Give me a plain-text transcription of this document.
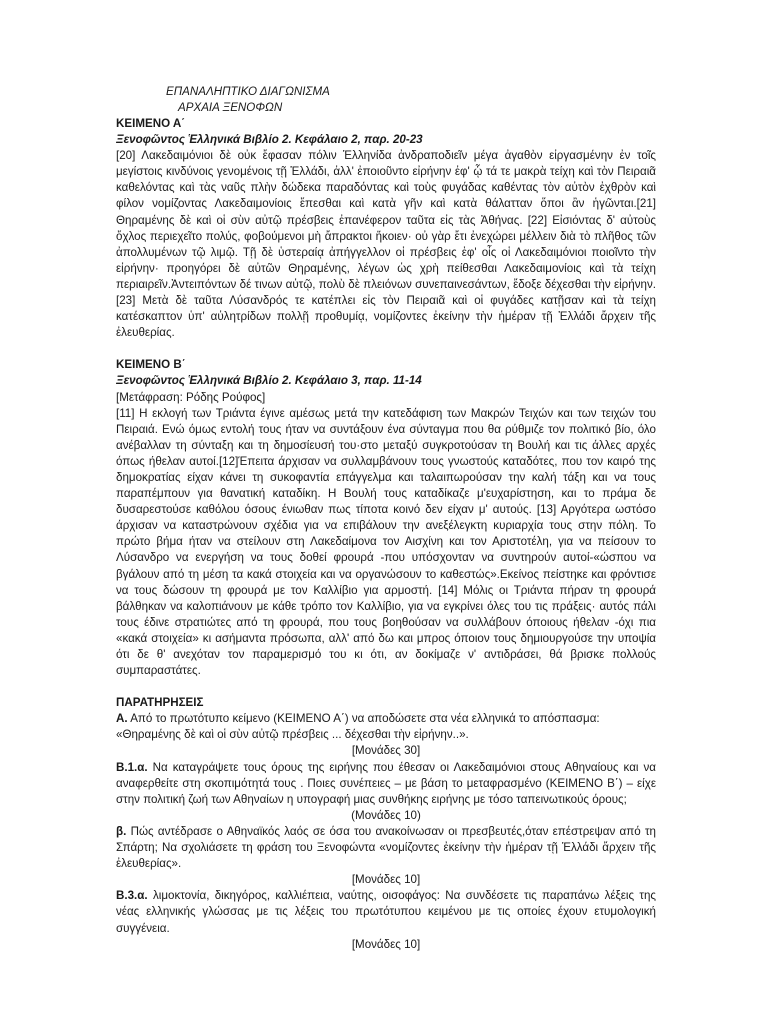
ΕΠΑΝΑΛΗΠΤΙΚΟ ΔΙΑΓΩΝΙΣΜΑ

ΑΡΧΑΙΑ ΞΕΝΟΦΩΝ

ΚΕΙΜΕΝΟ Α΄

Ξενοφῶντος Ἑλληνικά Βιβλίο 2. Κεφάλαιο 2, παρ. 20-23

[20] Λακεδαιμόνιοι δὲ οὐκ ἔφασαν πόλιν Ἑλληνίδα ἀνδραποδιεῖν μέγα ἀγαθὸν εἰργασμένην ἐν τοῖς μεγίστοις κινδύνοις γενομένοις τῇ Ἑλλάδι, ἀλλ' ἐποιοῦντο εἰρήνην ἐφ' ᾧ τά τε μακρὰ τείχη καὶ τὸν Πειραιᾶ καθελόντας καὶ τὰς ναῦς πλὴν δώδεκα παραδόντας καὶ τοὺς φυγάδας καθέντας τὸν αὐτὸν ἐχθρὸν καὶ φίλον νομίζοντας Λακεδαιμονίοις ἕπεσθαι καὶ κατὰ γῆν καὶ κατὰ θάλατταν ὅποι ἂν ἡγῶνται.[21] Θηραμένης δὲ καὶ οἱ σὺν αὐτῷ πρέσβεις ἐπανέφερον ταῦτα εἰς τὰς Ἀθήνας. [22] Εἰσιόντας δ' αὐτοὺς ὄχλος περιεχεῖτο πολύς, φοβούμενοι μὴ ἄπρακτοι ἥκοιεν· οὐ γὰρ ἔτι ἐνεχώρει μέλλειν διὰ τὸ πλῆθος τῶν ἀπολλυμένων τῷ λιμῷ. Τῇ δὲ ὑστεραίᾳ ἀπήγγελλον οἱ πρέσβεις ἐφ' οἷς οἱ Λακεδαιμόνιοι ποιοῖντο τὴν εἰρήνην· προηγόρει δὲ αὐτῶν Θηραμένης, λέγων ὡς χρὴ πείθεσθαι Λακεδαιμονίοις καὶ τὰ τείχη περιαιρεῖν.Ἀντειπόντων δέ τινων αὐτῷ, πολὺ δὲ πλειόνων συνεπαινεσάντων, ἔδοξε δέχεσθαι τὴν εἰρήνην. [23] Μετὰ δὲ ταῦτα Λύσανδρός τε κατέπλει εἰς τὸν Πειραιᾶ καὶ οἱ φυγάδες κατῇσαν καὶ τὰ τείχη κατέσκαπτον ὑπ' αὐλητρίδων πολλῇ προθυμίᾳ, νομίζοντες ἐκείνην τὴν ἡμέραν τῇ Ἑλλάδι ἄρχειν τῆς ἐλευθερίας.

ΚΕΙΜΕΝΟ Β΄

Ξενοφῶντος Ἑλληνικά Βιβλίο 2. Κεφάλαιο 3, παρ. 11-14

[Μετάφραση: Ρόδης Ρούφος]

[11] Η εκλογή των Τριάντα έγινε αμέσως μετά την κατεδάφιση των Μακρών Τειχών και των τειχών του Πειραιά. Ενώ όμως εντολή τους ήταν να συντάξουν ένα σύνταγμα που θα ρύθμιζε τον πολιτικό βίο, όλο ανέβαλλαν τη σύνταξη και τη δημοσίευσή του·στο μεταξύ συγκροτούσαν τη Βουλή και τις άλλες αρχές όπως ήθελαν αυτοί.[12]Έπειτα άρχισαν να συλλαμβάνουν τους γνωστούς καταδότες, που τον καιρό της δημοκρατίας είχαν κάνει τη συκοφαντία επάγγελμα και ταλαιπωρούσαν την καλή τάξη και να τους παραπέμπουν για θανατική καταδίκη. Η Βουλή τους καταδίκαζε μ'ευχαρίστηση, και το πράμα δε δυσαρεστούσε καθόλου όσους ένιωθαν πως τίποτα κοινό δεν είχαν μ' αυτούς. [13] Αργότερα ωστόσο άρχισαν να καταστρώνουν σχέδια για να επιβάλουν την ανεξέλεγκτη κυριαρχία τους στην πόλη. Το πρώτο βήμα ήταν να στείλουν στη Λακεδαίμονα τον Αισχίνη και τον Αριστοτέλη, για να πείσουν το Λύσανδρο να ενεργήση να τους δοθεί φρουρά -που υπόσχονταν να συντηρούν αυτοί-«ώσπου να βγάλουν από τη μέση τα κακά στοιχεία και να οργανώσουν το καθεστώς».Εκείνος πείστηκε και φρόντισε να τους δώσουν τη φρουρά με τον Καλλίβιο για αρμοστή. [14] Μόλις οι Τριάντα πήραν τη φρουρά βάλθηκαν να καλοπιάνουν με κάθε τρόπο τον Καλλίβιο, για να εγκρίνει όλες του τις πράξεις· αυτός πάλι τους έδινε στρατιώτες από τη φρουρά, που τους βοηθούσαν να συλλάβουν όποιους ήθελαν -όχι πια «κακά στοιχεία» κι ασήμαντα πρόσωπα, αλλ' από δω και μπρος όποιον τους δημιουργούσε την υποψία ότι δε θ' ανεχόταν τον παραμερισμό του κι ότι, αν δοκίμαζε ν' αντιδράσει, θά βρισκε πολλούς συμπαραστάτες.

ΠΑΡΑΤΗΡΗΣΕΙΣ

Α. Από το πρωτότυπο κείμενο (ΚΕΙΜΕΝΟ Α΄) να αποδώσετε στα νέα ελληνικά το απόσπασμα:

«Θηραμένης δὲ καὶ οἱ σὺν αὐτῷ πρέσβεις ... δέχεσθαι τὴν εἰρήνην..».

[Μονάδες 30]

Β.1.α. Να καταγράψετε τους όρους της ειρήνης που έθεσαν οι Λακεδαιμόνιοι στους Αθηναίους και να αναφερθείτε στη σκοπιμότητά τους . Ποιες συνέπειες – με βάση το μεταφρασμένο (ΚΕΙΜΕΝΟ Β΄) – είχε στην πολιτική ζωή των Αθηναίων η υπογραφή μιας συνθήκης ειρήνης με τόσο ταπεινωτικούς όρους;

(Μονάδες 10)

β. Πώς αντέδρασε ο Αθηναϊκός λαός σε όσα του ανακοίνωσαν οι πρεσβευτές,όταν επέστρεψαν από τη Σπάρτη; Να σχολιάσετε τη φράση του Ξενοφώντα «νομίζοντες ἐκείνην τὴν ἡμέραν τῇ Ἑλλάδι ἄρχειν τῆς ἐλευθερίας».

[Μονάδες 10]

Β.3.α. λιμοκτονία, δικηγόρος, καλλιέπεια, ναύτης, οισοφάγος: Να συνδέσετε τις παραπάνω λέξεις της νέας ελληνικής γλώσσας με τις λέξεις του πρωτότυπου κειμένου με τις οποίες έχουν ετυμολογική συγγένεια.

[Μονάδες 10]
